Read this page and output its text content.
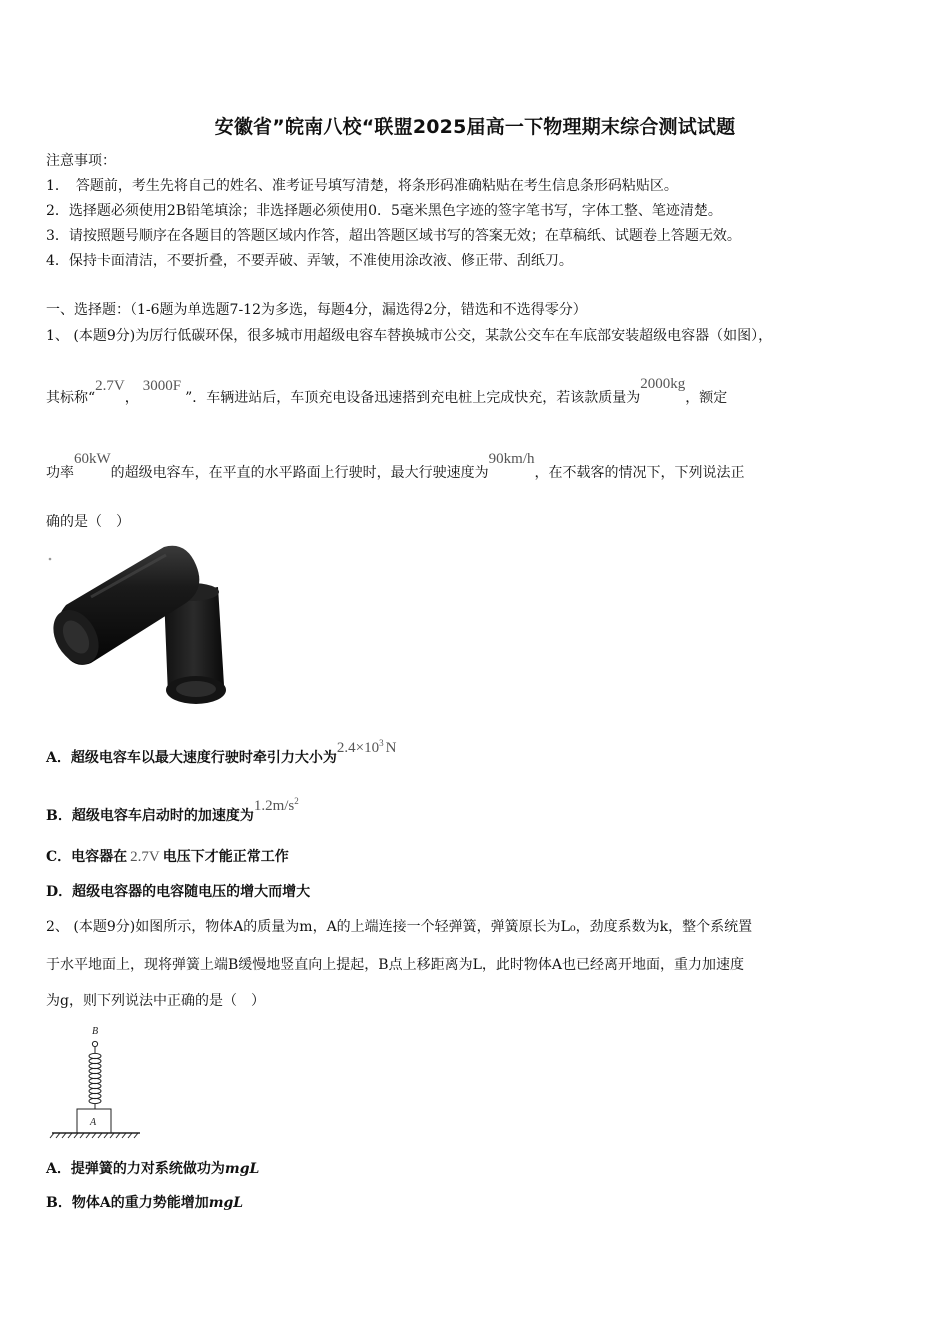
安徽省”皖南八校“联盟2025届高一下物理期末综合测试试题
注意事项：
1．　答题前，考生先将自己的姓名、准考证号填写清楚，将条形码准确粘贴在考生信息条形码粘贴区。
2．选择题必须使用2B铅笔填涂；非选择题必须使用0．5毫米黑色字迹的签字笔书写，字体工整、笔迹清楚。
3．请按照题号顺序在各题目的答题区域内作答，超出答题区域书写的答案无效；在草稿纸、试题卷上答题无效。
4．保持卡面清洁，不要折叠，不要弄破、弄皱，不准使用涂改液、修正带、刮纸刀。
一、选择题：（1-6题为单选题7-12为多选，每题4分，漏选得2分，错选和不选得零分）
1、 (本题9分)为厉行低碳环保，很多城市用超级电容车替换城市公交，某款公交车在车底部安装超级电容器（如图），
其标称“2.7V，3000F”．车辆进站后，车顶充电设备迅速搭到充电桩上完成快充，若该款质量为2000kg，额定
功率60kW的超级电容车，在平直的水平路面上行驶时，最大行驶速度为90km/h，在不载客的情况下，下列说法正
确的是（　）
A．超级电容车以最大速度行驶时牵引力大小为$2.4\times 10^3$ N
B．超级电容车启动时的加速度为$1.2m/s^2$
C．电容器在 2.7V 电压下才能正常工作
D．超级电容器的电容随电压的增大而增大
2、 (本题9分)如图所示，物体A的质量为m，A的上端连接一个轻弹簧，弹簧原长为L₀，劲度系数为k，整个系统置
于水平地面上，现将弹簧上端B缓慢地竖直向上提起，B点上移距离为L，此时物体A也已经离开地面，重力加速度
为g，则下列说法中正确的是（　）
B
A
A．提弹簧的力对系统做功为mgL
B．物体A的重力势能增加mgL
